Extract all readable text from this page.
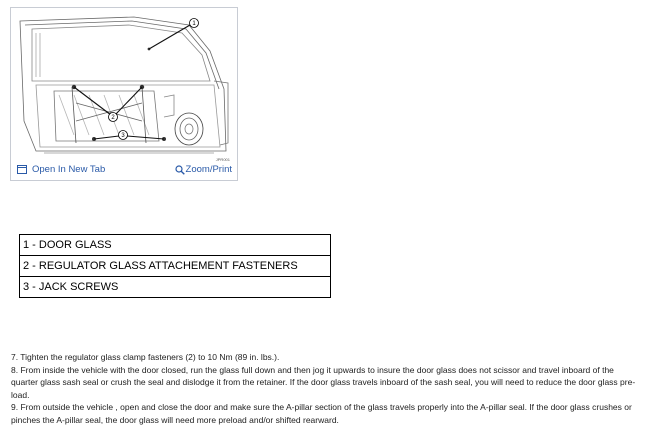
1
2
3
JPR001
Open In New Tab	Zoom/Print
1 - DOOR GLASS
2 - REGULATOR GLASS ATTACHEMENT FASTENERS
3 - JACK SCREWS

7. Tighten the regulator glass clamp fasteners (2) to 10 Nm (89 in. lbs.).

8. From inside the vehicle with the door closed, run the glass full down and then jog it upwards to insure the door glass does not scissor and travel inboard of the quarter glass sash seal or crush the seal and dislodge it from the retainer. If the door glass travels inboard of the sash seal, you will need to reduce the door glass pre-load.

9. From outside the vehicle , open and close the door and make sure the A-pillar section of the glass travels properly into the A-pillar seal. If the door glass crushes or pinches the A-pillar seal, the door glass will need more preload and/or shifted rearward.
